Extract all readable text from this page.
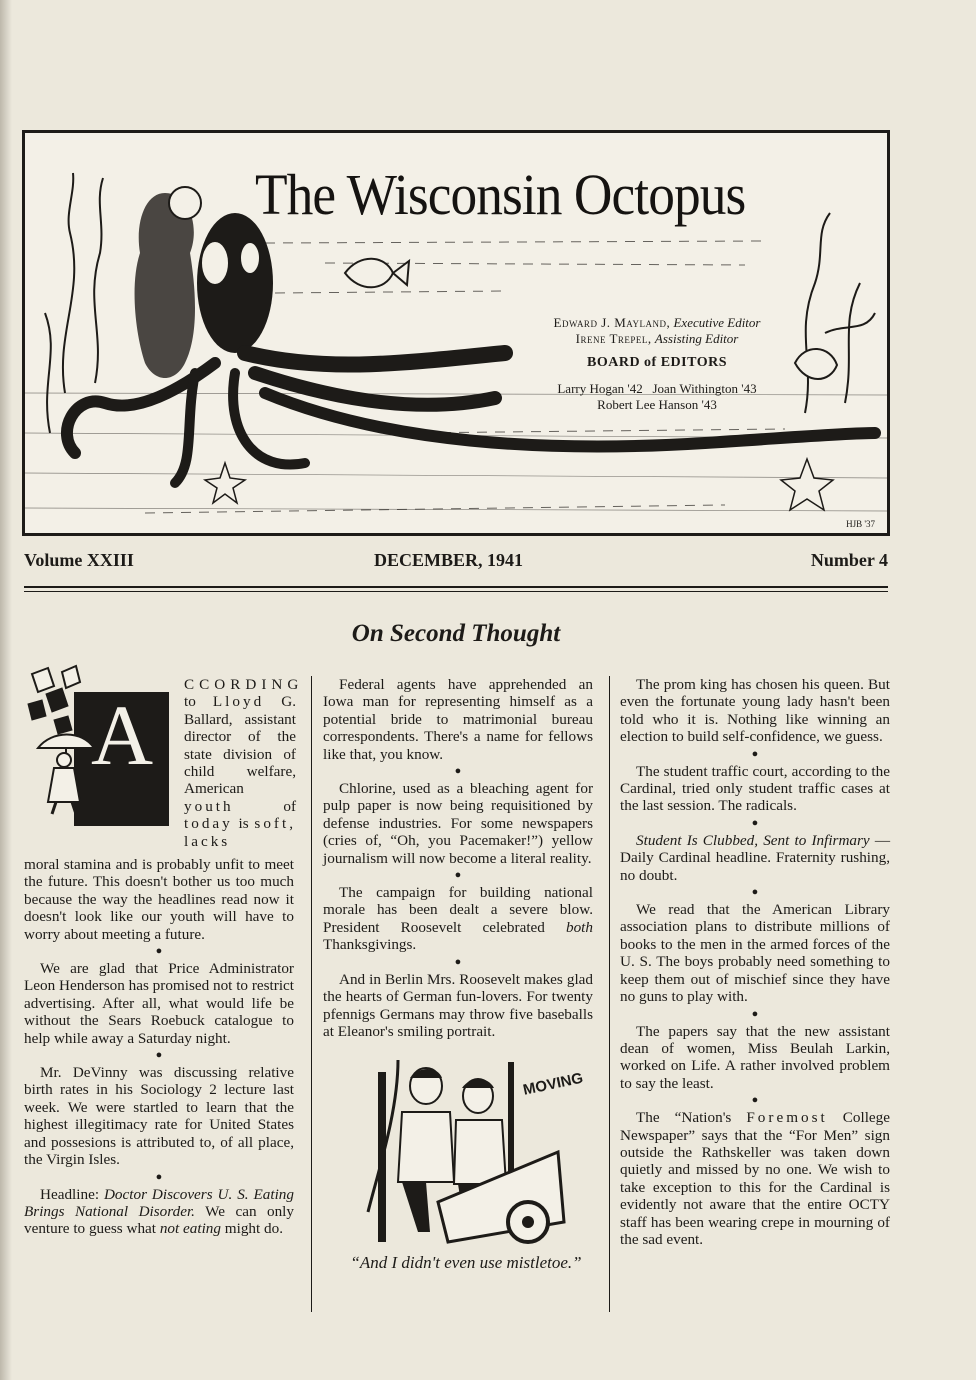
The Wisconsin Octopus
Edward J. Mayland, Executive Editor
Irene Trepel, Assisting Editor
BOARD of EDITORS
Larry Hogan '42   Joan Withington '43
Robert Lee Hanson '43
HJB '37
Volume XXIII	DECEMBER, 1941	Number 4
On Second Thought
A

CCORDING to Lloyd G. Ballard, assistant director of the state division of child welfare, American youth	of today is soft, lacks

moral stamina and is probably unfit to meet the future. This doesn't bother us too much because the way the headlines read now it doesn't look like our youth will have to worry about meeting a future.

●

We are glad that Price Administrator Leon Henderson has promised not to restrict advertising. After all, what would life be without the Sears Roebuck catalogue to help while away a Saturday night.

●

Mr. DeVinny was discussing relative birth rates in his Sociology 2 lecture last week. We were startled to learn that the highest illegitimacy rate for United States and possesions is attributed to, of all place, the Virgin Isles.

●

Headline: Doctor Discovers U. S. Eating Brings National Disorder. We can only venture to guess what not eating might do.

Federal agents have apprehended an Iowa man for representing himself as a potential bride to matrimonial bureau correspondents. There's a name for fellows like that, you know.

●

Chlorine, used as a bleaching agent for pulp paper is now being requisitioned by defense industries. For some newspapers (cries of, “Oh, you Pacemaker!”) yellow journalism will now become a literal reality.

●

The campaign for building national morale has been dealt a severe blow. President Roosevelt celebrated both Thanksgivings.

●

And in Berlin Mrs. Roosevelt makes glad the hearts of German fun-lovers. For twenty pfennigs Germans may throw five baseballs at Eleanor's smiling portrait.

MOVING

“And I didn't even use mistletoe.”

The prom king has chosen his queen. But even the fortunate young lady hasn't been told who it is. Nothing like winning an election to build self-confidence, we guess.

●

The student traffic court, according to the Cardinal, tried only student traffic cases at the last session. The radicals.

●

Student Is Clubbed, Sent to Infirmary —Daily Cardinal headline. Fraternity rushing, no doubt.

●

We read that the American Library association plans to distribute millions of books to the men in the armed forces of the U. S. The boys probably need something to keep them out of mischief since they have no guns to play with.

●

The papers say that the new assistant dean of women, Miss Beulah Larkin, worked on Life. A rather involved problem to say the least.

●

The “Nation's Foremost College Newspaper” says that the “For Men” sign outside the Rathskeller was taken down quietly and missed by no one. We wish to take exception to this for the Cardinal is evidently not aware that the entire OCTY staff has been wearing crepe in mourning of the sad event.
